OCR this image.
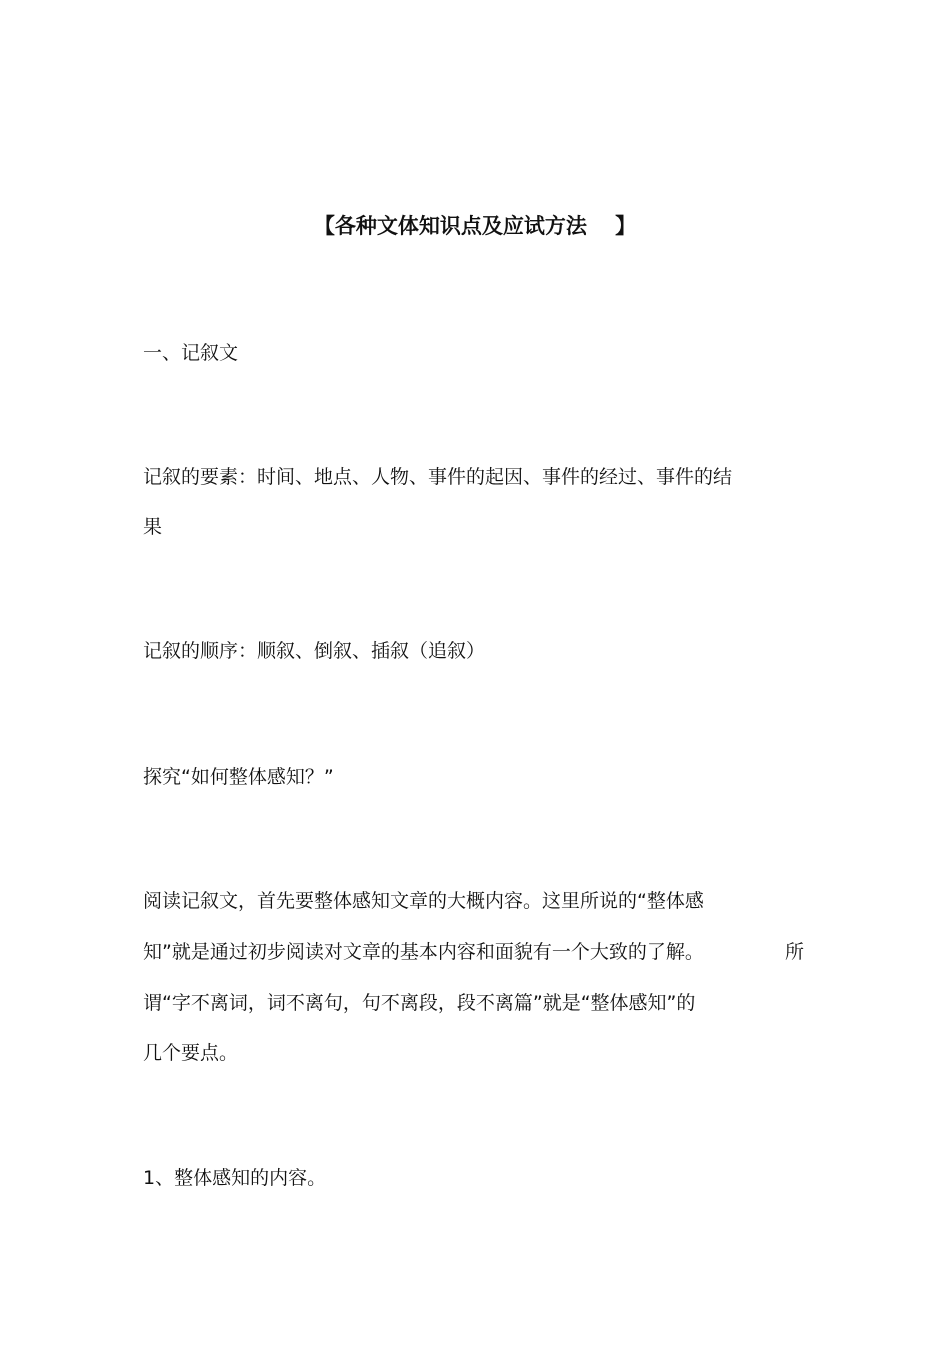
【各种文体知识点及应试方法　 】

一、记叙文

记叙的要素：时间、地点、人物、事件的起因、事件的经过、事件的结

果

记叙的顺序：顺叙、倒叙、插叙（追叙）

探究“如何整体感知？”

阅读记叙文，首先要整体感知文章的大概内容。这里所说的“整体感

知”就是通过初步阅读对文章的基本内容和面貌有一个大致的了解。	所

谓“字不离词，词不离句，句不离段，段不离篇”就是“整体感知”的

几个要点。

1、整体感知的内容。
